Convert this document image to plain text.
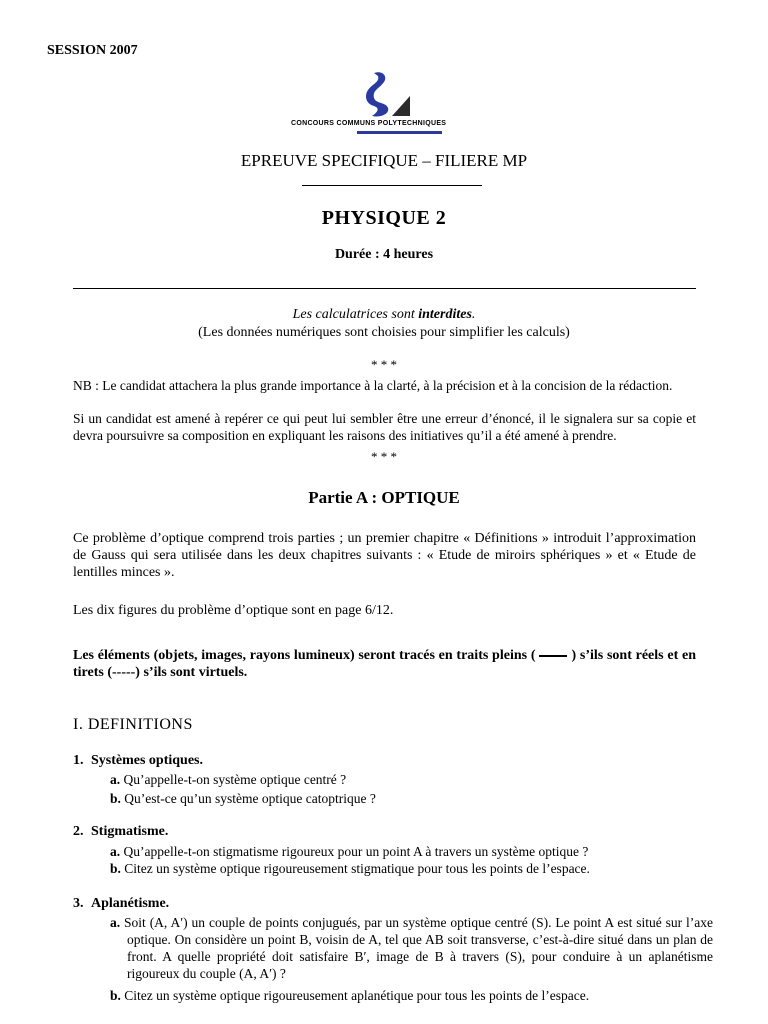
SESSION 2007
CONCOURS COMMUNS POLYTECHNIQUES
EPREUVE SPECIFIQUE – FILIERE MP
PHYSIQUE 2
Durée : 4 heures
Les calculatrices sont interdites.
(Les données numériques sont choisies pour simplifier les calculs)
* * *
NB : Le candidat attachera la plus grande importance à la clarté, à la précision et à la concision de la rédaction.
Si un candidat est amené à repérer ce qui peut lui sembler être une erreur d’énoncé, il le signalera sur sa copie et devra poursuivre sa composition en expliquant les raisons des initiatives qu’il a été amené à prendre.
* * *
Partie A : OPTIQUE
Ce problème d’optique comprend trois parties ; un premier chapitre « Définitions » introduit l’approximation de Gauss qui sera utilisée dans les deux chapitres suivants : « Etude de miroirs sphériques » et « Etude de lentilles minces ».
Les dix figures du problème d’optique sont en page 6/12.
Les éléments (objets, images, rayons lumineux) seront tracés en traits pleins (	) s’ils sont réels et en tirets (-----) s’ils sont virtuels.
I. DEFINITIONS
1. Systèmes optiques.
a. Qu’appelle-t-on système optique centré ?
b. Qu’est-ce qu’un système optique catoptrique ?
2. Stigmatisme.
a. Qu’appelle-t-on stigmatisme rigoureux pour un point A à travers un système optique ?
b. Citez un système optique rigoureusement stigmatique pour tous les points de l’espace.
3. Aplanétisme.
a. Soit (A, A′) un couple de points conjugués, par un système optique centré (S). Le point A est situé sur l’axe optique. On considère un point B, voisin de A, tel que AB soit transverse, c’est-à-dire situé dans un plan de front. A quelle propriété doit satisfaire B′, image de B à travers (S), pour conduire à un aplanétisme rigoureux du couple (A, A′) ?
b. Citez un système optique rigoureusement aplanétique pour tous les points de l’espace.
